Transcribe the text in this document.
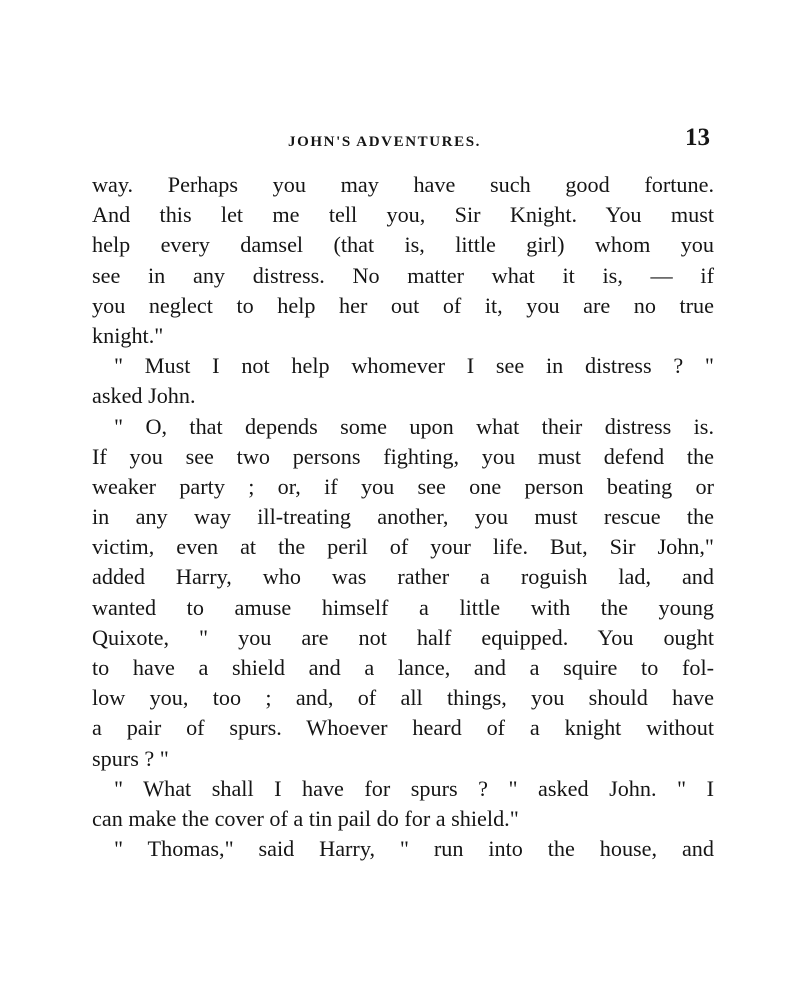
JOHN'S ADVENTURES.	13
way. Perhaps you may have such good fortune.
And this let me tell you, Sir Knight. You must
help every damsel (that is, little girl) whom you
see in any distress. No matter what it is, — if
you neglect to help her out of it, you are no true
knight."
" Must I not help whomever I see in distress ? "
asked John.
" O, that depends some upon what their distress is.
If you see two persons fighting, you must defend the
weaker party ; or, if you see one person beating or
in any way ill-treating another, you must rescue the
victim, even at the peril of your life. But, Sir John,"
added Harry, who was rather a roguish lad, and
wanted to amuse himself a little with the young
Quixote, " you are not half equipped. You ought
to have a shield and a lance, and a squire to fol-
low you, too ; and, of all things, you should have
a pair of spurs. Whoever heard of a knight without
spurs ? "
" What shall I have for spurs ? " asked John. " I
can make the cover of a tin pail do for a shield."
" Thomas," said Harry, " run into the house, and
